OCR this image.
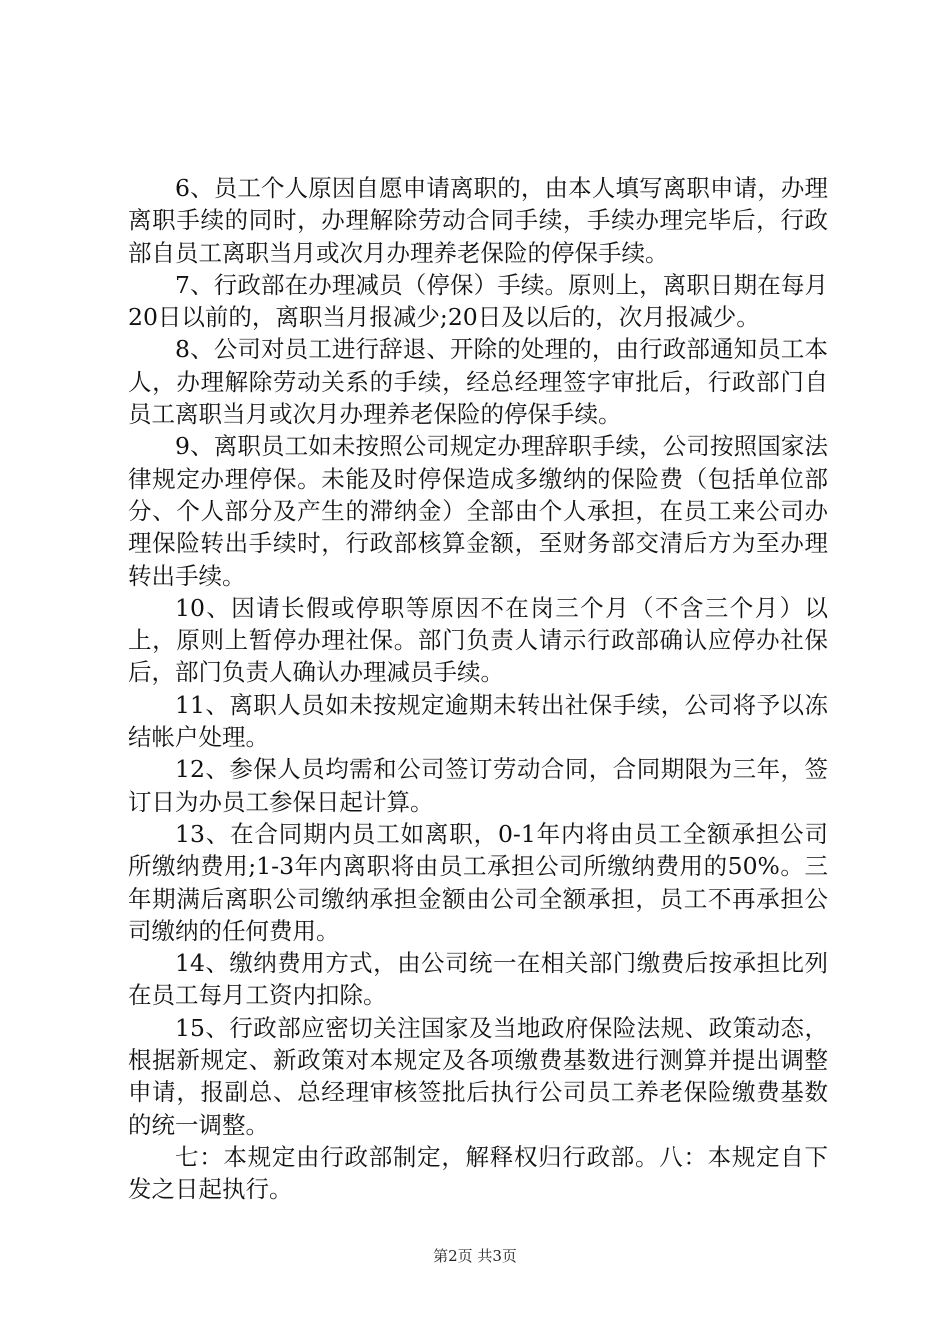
6、员工个人原因自愿申请离职的，由本人填写离职申请，办理离职手续的同时，办理解除劳动合同手续，手续办理完毕后，行政部自员工离职当月或次月办理养老保险的停保手续。

7、行政部在办理减员（停保）手续。原则上，离职日期在每月20日以前的，离职当月报减少;20日及以后的，次月报减少。

8、公司对员工进行辞退、开除的处理的，由行政部通知员工本人，办理解除劳动关系的手续，经总经理签字审批后，行政部门自员工离职当月或次月办理养老保险的停保手续。

9、离职员工如未按照公司规定办理辞职手续，公司按照国家法律规定办理停保。未能及时停保造成多缴纳的保险费（包括单位部分、个人部分及产生的滞纳金）全部由个人承担，在员工来公司办理保险转出手续时，行政部核算金额，至财务部交清后方为至办理转出手续。

10、因请长假或停职等原因不在岗三个月（不含三个月）以上，原则上暂停办理社保。部门负责人请示行政部确认应停办社保后，部门负责人确认办理减员手续。

11、离职人员如未按规定逾期未转出社保手续，公司将予以冻结帐户处理。

12、参保人员均需和公司签订劳动合同，合同期限为三年，签订日为办员工参保日起计算。

13、在合同期内员工如离职，0-1年内将由员工全额承担公司所缴纳费用;1-3年内离职将由员工承担公司所缴纳费用的50%。三年期满后离职公司缴纳承担金额由公司全额承担，员工不再承担公司缴纳的任何费用。

14、缴纳费用方式，由公司统一在相关部门缴费后按承担比列在员工每月工资内扣除。

15、行政部应密切关注国家及当地政府保险法规、政策动态，根据新规定、新政策对本规定及各项缴费基数进行测算并提出调整申请，报副总、总经理审核签批后执行公司员工养老保险缴费基数的统一调整。

七：本规定由行政部制定，解释权归行政部。八：本规定自下发之日起执行。

第2页 共3页
